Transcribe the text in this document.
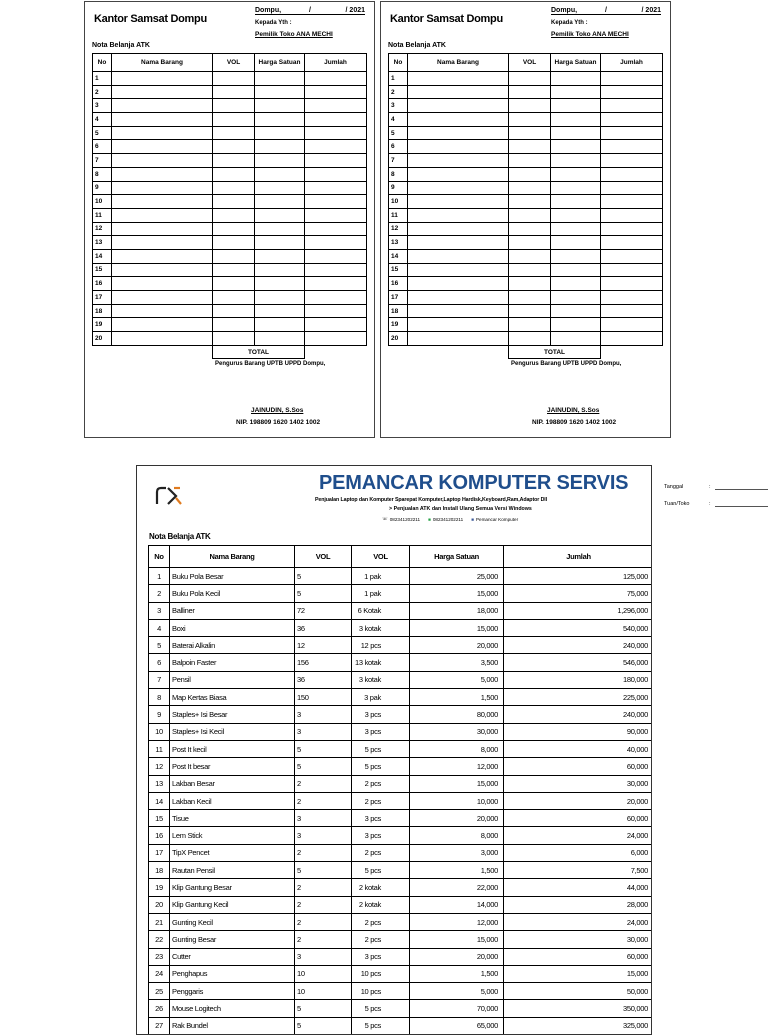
Kantor Samsat Dompu
Dompu,	/	/ 2021
Kepada Yth :
Pemilik Toko ANA MECHI
Nota Belanja ATK
No	Nama Barang	VOL	Harga Satuan	Jumlah
1				
2				
3				
4				
5				
6				
7				
8				
9				
10				
11				
12				
13				
14				
15				
16				
17				
18				
19				
20				
		TOTAL		
Pengurus Barang UPTB UPPD Dompu,
JAINUDIN, S.Sos
NIP. 198809 1620 1402 1002
Kantor Samsat Dompu
Dompu,	/	/ 2021
Kepada Yth :
Pemilik Toko ANA MECHI
Nota Belanja ATK
No	Nama Barang	VOL	Harga Satuan	Jumlah
1				
2				
3				
4				
5				
6				
7				
8				
9				
10				
11				
12				
13				
14				
15				
16				
17				
18				
19				
20				
		TOTAL		
Pengurus Barang UPTB UPPD Dompu,
JAINUDIN, S.Sos
NIP. 198809 1620 1402 1002
PEMANCAR KOMPUTER SERVIS
Penjualan Laptop dan Komputer Sparepat Komputer,Laptop Hardisk,Keyboard,Ram,Adaptor Dll
> Penjualan ATK dan Install Ulang Semua Versi Windows
☏ 082341202211 ■ 082341202211 ■ Pemancar Komputer
Nota Belanja ATK
No	Nama Barang	VOL	VOL	Harga Satuan	Jumlah
1	Buku Pola Besar	5	1 pak	25,000	125,000
2	Buku Pola Kecil	5	1 pak	15,000	75,000
3	Balliner	72	6 Kotak	18,000	1,296,000
4	Boxi	36	3 kotak	15,000	540,000
5	Baterai Alkalin	12	12 pcs	20,000	240,000
6	Balpoin Faster	156	13 kotak	3,500	546,000
7	Pensil	36	3 kotak	5,000	180,000
8	Map Kertas Biasa	150	3 pak	1,500	225,000
9	Staples+ Isi Besar	3	3 pcs	80,000	240,000
10	Staples+ Isi Kecil	3	3 pcs	30,000	90,000
11	Post It kecil	5	5 pcs	8,000	40,000
12	Post It besar	5	5 pcs	12,000	60,000
13	Lakban Besar	2	2 pcs	15,000	30,000
14	Lakban Kecil	2	2 pcs	10,000	20,000
15	Tisue	3	3 pcs	20,000	60,000
16	Lem Stick	3	3 pcs	8,000	24,000
17	TipX Pencet	2	2 pcs	3,000	6,000
18	Rautan Pensil	5	5 pcs	1,500	7,500
19	Klip Gantung Besar	2	2 kotak	22,000	44,000
20	Klip Gantung Kecil	2	2 kotak	14,000	28,000
21	Gunting Kecil	2	2 pcs	12,000	24,000
22	Gunting Besar	2	2 pcs	15,000	30,000
23	Cutter	3	3 pcs	20,000	60,000
24	Penghapus	10	10 pcs	1,500	15,000
25	Penggaris	10	10 pcs	5,000	50,000
26	Mouse Logitech	5	5 pcs	70,000	350,000
27	Rak Bundel	5	5 pcs	65,000	325,000
Tanggal	:
Tuan/Toko	:
